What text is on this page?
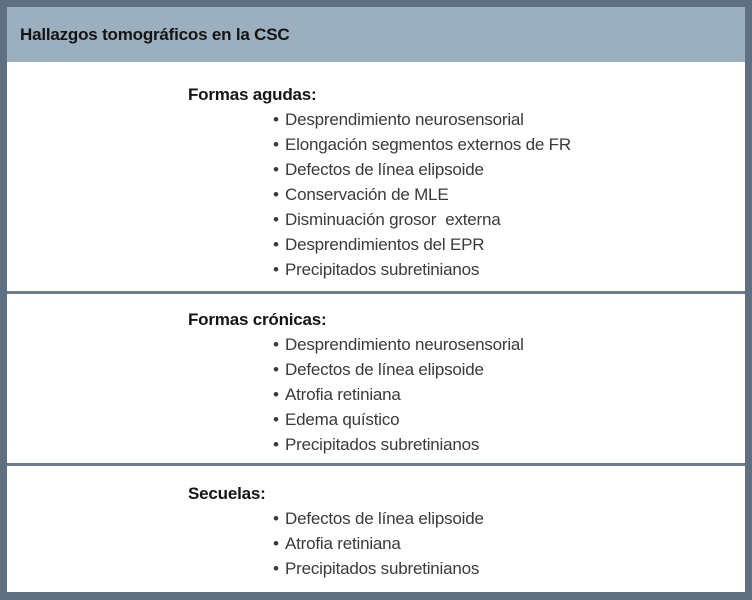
Hallazgos tomográficos en la CSC
Formas agudas:
• Desprendimiento neurosensorial
• Elongación segmentos externos de FR
• Defectos de línea elipsoide
• Conservación de MLE
• Disminuación grosor  externa
• Desprendimientos del EPR
• Precipitados subretinianos
Formas crónicas:
• Desprendimiento neurosensorial
• Defectos de línea elipsoide
• Atrofia retiniana
• Edema quístico
• Precipitados subretinianos
Secuelas:
• Defectos de línea elipsoide
• Atrofia retiniana
• Precipitados subretinianos
